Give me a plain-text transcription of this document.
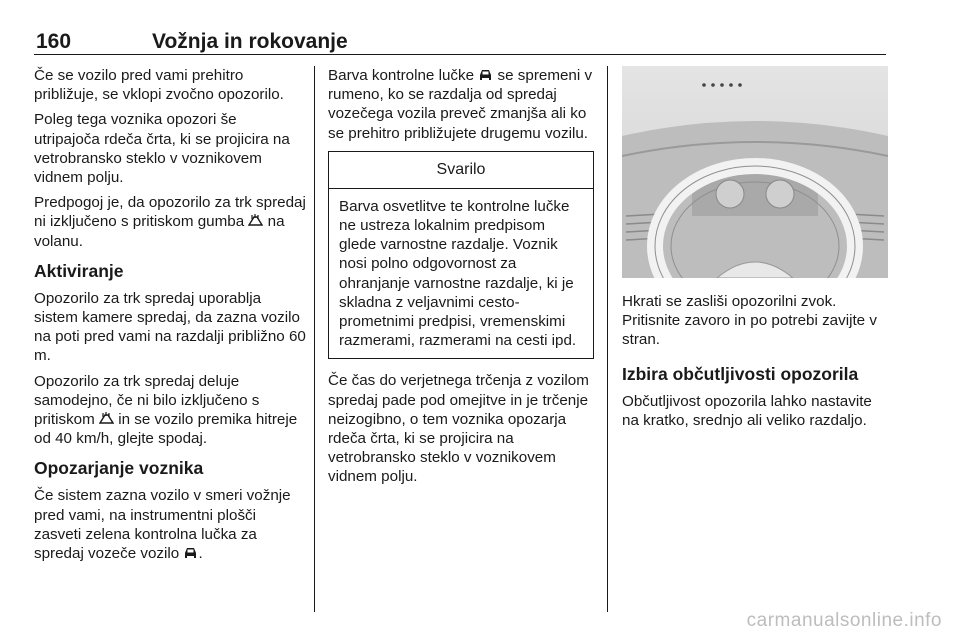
160	Vožnja in rokovanje

Če se vozilo pred vami prehitro približuje, se vklopi zvočno opozorilo.

Poleg tega voznika opozori še utripajoča rdeča črta, ki se projicira na vetrobransko steklo v voznikovem vidnem polju.

Predpogoj je, da opozorilo za trk spredaj ni izključeno s pritiskom gumba na volanu.

Aktiviranje

Opozorilo za trk spredaj uporablja sistem kamere spredaj, da zazna vozilo na poti pred vami na razdalji približno 60 m.

Opozorilo za trk spredaj deluje samodejno, če ni bilo izključeno s pritiskom in se vozilo premika hitreje od 40 km/h, glejte spodaj.

Opozarjanje voznika

Če sistem zazna vozilo v smeri vožnje pred vami, na instrumentni plošči zasveti zelena kontrolna lučka za spredaj vozeče vozilo .

Barva kontrolne lučke se spremeni v rumeno, ko se razdalja od spredaj vozečega vozila preveč zmanjša ali ko se prehitro približujete drugemu vozilu.

Svarilo
Barva osvetlitve te kontrolne lučke ne ustreza lokalnim predpisom glede varnostne razdalje. Voznik nosi polno odgovornost za ohranjanje varnostne razdalje, ki je skladna z veljavnimi cestoprometnimi predpisi, vremenskimi razmerami, razmerami na cesti ipd.

Če čas do verjetnega trčenja z vozilom spredaj pade pod omejitve in je trčenje neizogibno, o tem voznika opozarja rdeča črta, ki se projicira na vetrobransko steklo v voznikovem vidnem polju.

Hkrati se zasliši opozorilni zvok. Pritisnite zavoro in po potrebi zavijte v stran.

Izbira občutljivosti opozorila

Občutljivost opozorila lahko nastavite na kratko, srednjo ali veliko razdaljo.

carmanualsonline.info
